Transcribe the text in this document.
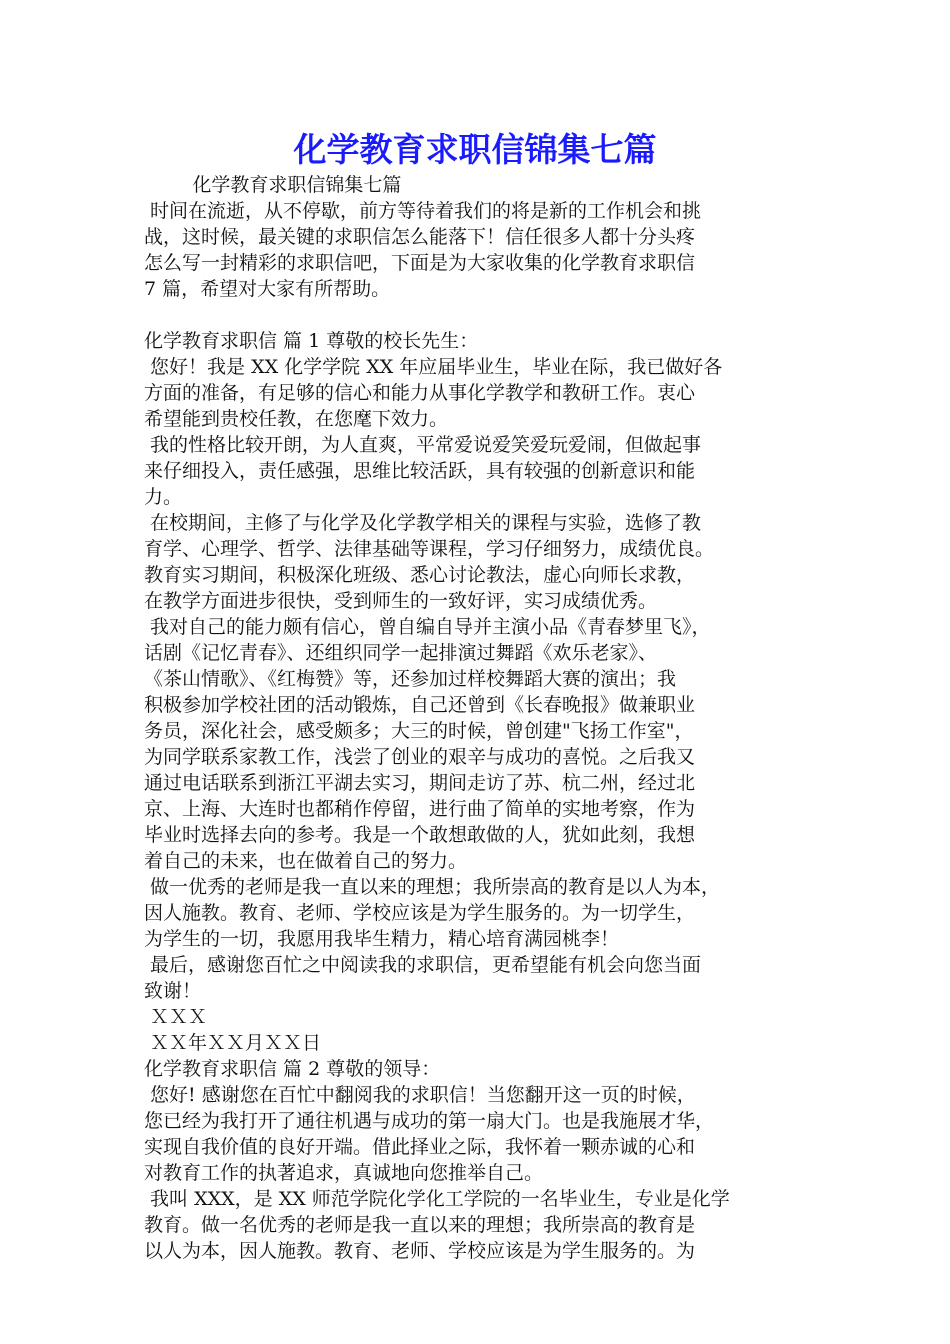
化学教育求职信锦集七篇

化学教育求职信锦集七篇

时间在流逝，从不停歇，前方等待着我们的将是新的工作机会和挑

战，这时候，最关键的求职信怎么能落下！信任很多人都十分头疼

怎么写一封精彩的求职信吧，下面是为大家收集的化学教育求职信

7 篇，希望对大家有所帮助。

化学教育求职信 篇 1 尊敬的校长先生：

您好！我是 XX 化学学院 XX 年应届毕业生，毕业在际，我已做好各

方面的准备，有足够的信心和能力从事化学教学和教研工作。衷心

希望能到贵校任教，在您麾下效力。

我的性格比较开朗，为人直爽，平常爱说爱笑爱玩爱闹，但做起事

来仔细投入，责任感强，思维比较活跃，具有较强的创新意识和能

力。

在校期间，主修了与化学及化学教学相关的课程与实验，选修了教

育学、心理学、哲学、法律基础等课程，学习仔细努力，成绩优良。

教育实习期间，积极深化班级、悉心讨论教法，虚心向师长求教，

在教学方面进步很快，受到师生的一致好评，实习成绩优秀。

我对自己的能力颇有信心，曾自编自导并主演小品《青春梦里飞》，

话剧《记忆青春》、还组织同学一起排演过舞蹈《欢乐老家》、

《茶山情歌》、《红梅赞》等，还参加过样校舞蹈大赛的演出；我

积极参加学校社团的活动锻炼，自己还曾到《长春晚报》做兼职业

务员，深化社会，感受颇多；大三的时候，曾创建"飞扬工作室"，

为同学联系家教工作，浅尝了创业的艰辛与成功的喜悦。之后我又

通过电话联系到浙江平湖去实习，期间走访了苏、杭二州，经过北

京、上海、大连时也都稍作停留，进行曲了简单的实地考察，作为

毕业时选择去向的参考。我是一个敢想敢做的人，犹如此刻，我想

着自己的未来，也在做着自己的努力。

做一优秀的老师是我一直以来的理想；我所崇高的教育是以人为本，

因人施教。教育、老师、学校应该是为学生服务的。为一切学生，

为学生的一切，我愿用我毕生精力，精心培育满园桃李！

最后，感谢您百忙之中阅读我的求职信，更希望能有机会向您当面

致谢！

ＸＸＸ

ＸＸ年ＸＸ月ＸＸ日

化学教育求职信 篇 2 尊敬的领导：

您好! 感谢您在百忙中翻阅我的求职信！当您翻开这一页的时候，

您已经为我打开了通往机遇与成功的第一扇大门。也是我施展才华，

实现自我价值的良好开端。借此择业之际，我怀着一颗赤诚的心和

对教育工作的执著追求，真诚地向您推举自己。

我叫 XXX，是 XX 师范学院化学化工学院的一名毕业生，专业是化学

教育。做一名优秀的老师是我一直以来的理想；我所崇高的教育是

以人为本，因人施教。教育、老师、学校应该是为学生服务的。为
